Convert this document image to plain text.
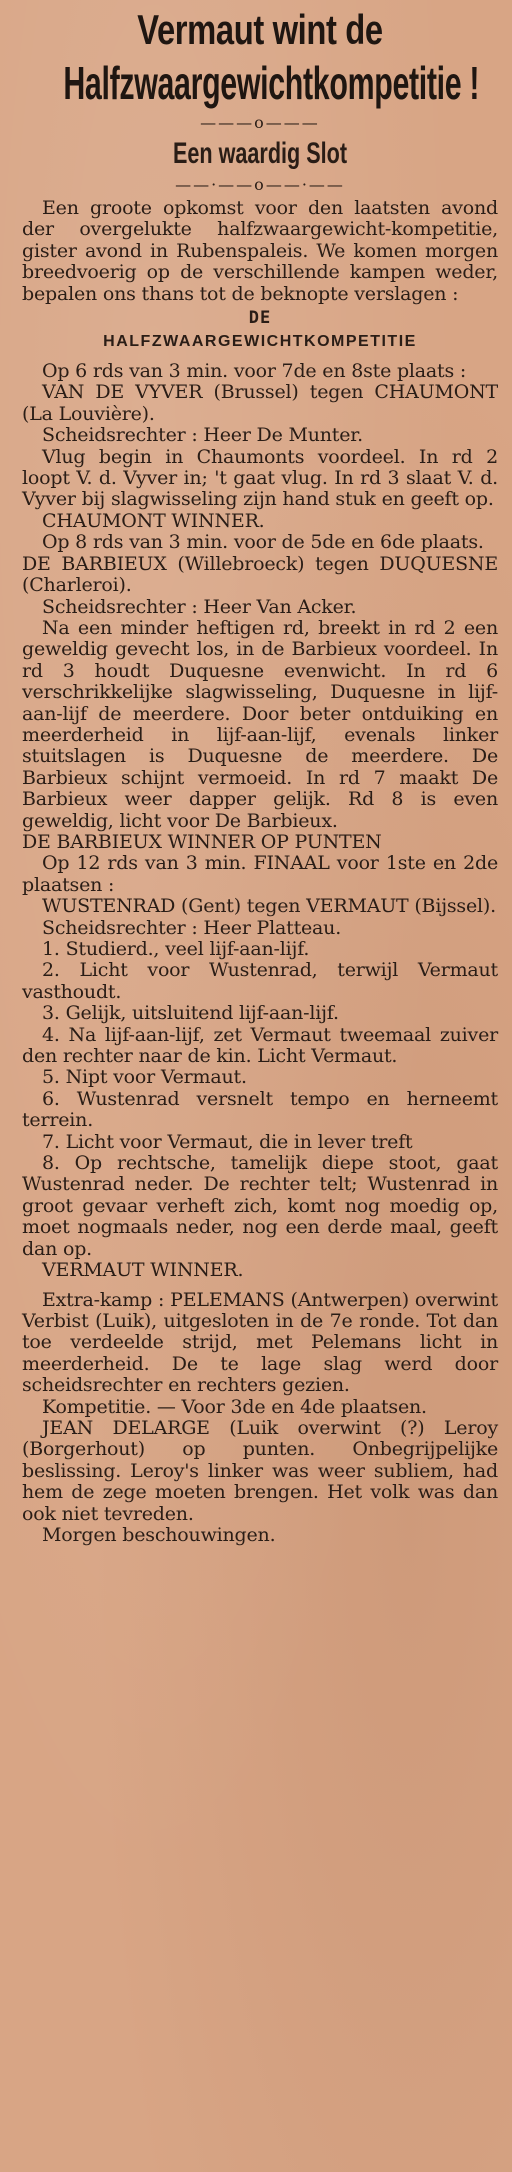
Vermaut wint de
Halfzwaargewichtkompetitie !
———o———
Een waardig Slot
——·——o——·——

Een groote opkomst voor den laatsten avond der overgelukte halfzwaargewicht-kompetitie, gister avond in Rubenspaleis. We komen morgen breedvoerig op de verschillende kampen weder, bepalen ons thans tot de beknopte verslagen :

DE

HALFZWAARGEWICHTKOMPETITIE

Op 6 rds van 3 min. voor 7de en 8ste plaats :

VAN DE VYVER (Brussel) tegen CHAUMONT (La Louvière).

Scheidsrechter : Heer De Munter.

Vlug begin in Chaumonts voordeel. In rd 2 loopt V. d. Vyver in; 't gaat vlug. In rd 3 slaat V. d. Vyver bij slagwisseling zijn hand stuk en geeft op.

CHAUMONT WINNER.

Op 8 rds van 3 min. voor de 5de en 6de plaats.

DE BARBIEUX (Willebroeck) tegen DUQUESNE (Charleroi).

Scheidsrechter : Heer Van Acker.

Na een minder heftigen rd, breekt in rd 2 een geweldig gevecht los, in de Barbieux voordeel. In rd 3 houdt Duquesne evenwicht. In rd 6 verschrikkelijke slagwisseling, Duquesne in lijf-aan-lijf de meerdere. Door beter ontduiking en meerderheid in lijf-aan-lijf, evenals linker stuitslagen is Duquesne de meerdere. De Barbieux schijnt vermoeid. In rd 7 maakt De Barbieux weer dapper gelijk. Rd 8 is even geweldig, licht voor De Barbieux.

DE BARBIEUX WINNER OP PUNTEN

Op 12 rds van 3 min. FINAAL voor 1ste en 2de plaatsen :

WUSTENRAD (Gent) tegen VERMAUT (Bijssel).

Scheidsrechter : Heer Platteau.

1. Studierd., veel lijf-aan-lijf.

2. Licht voor Wustenrad, terwijl Vermaut vasthoudt.

3. Gelijk, uitsluitend lijf-aan-lijf.

4. Na lijf-aan-lijf, zet Vermaut tweemaal zuiver den rechter naar de kin. Licht Vermaut.

5. Nipt voor Vermaut.

6. Wustenrad versnelt tempo en herneemt terrein.

7. Licht voor Vermaut, die in lever treft

8. Op rechtsche, tamelijk diepe stoot, gaat Wustenrad neder. De rechter telt; Wustenrad in groot gevaar verheft zich, komt nog moedig op, moet nogmaals neder, nog een derde maal, geeft dan op.

VERMAUT WINNER.

Extra-kamp : PELEMANS (Antwerpen) overwint Verbist (Luik), uitgesloten in de 7e ronde. Tot dan toe verdeelde strijd, met Pelemans licht in meerderheid. De te lage slag werd door scheidsrechter en rechters gezien.

Kompetitie. — Voor 3de en 4de plaatsen.

JEAN DELARGE (Luik overwint (?) Leroy (Borgerhout) op punten. Onbegrijpelijke beslissing. Leroy's linker was weer subliem, had hem de zege moeten brengen. Het volk was dan ook niet tevreden.

Morgen beschouwingen.
